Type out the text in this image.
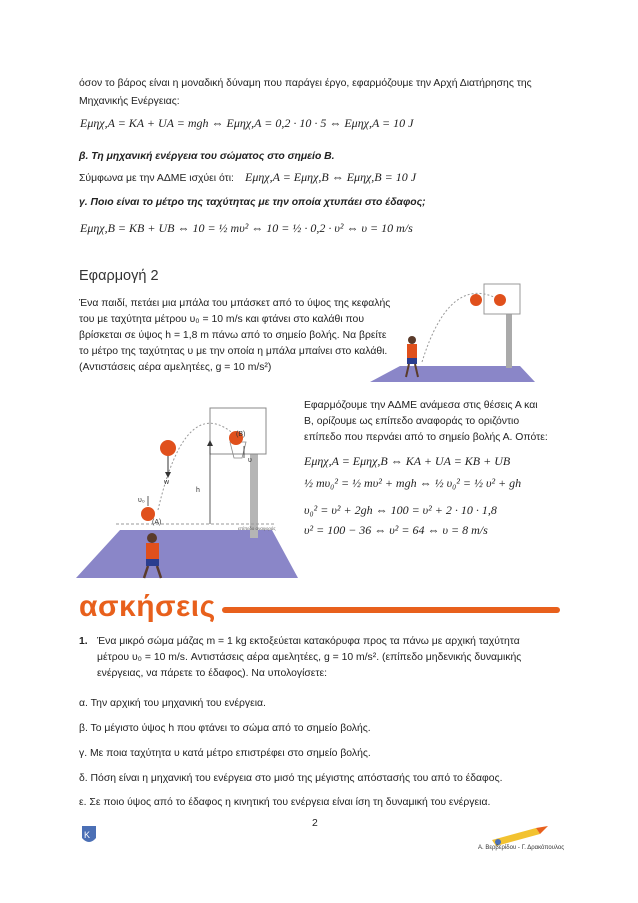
όσον το βάρος είναι η μοναδική δύναμη που παράγει έργο, εφαρμόζουμε την Αρχή Διατήρησης της
Μηχανικής Ενέργειας:
Eμηχ,Α = KA + UA = mgh ⇔ Eμηχ,Α = 0,2 · 10 · 5 ⇔ Eμηχ,Α = 10 J
β. Τη μηχανική ενέργεια του σώματος στο σημείο Β.
Σύμφωνα με την ΑΔΜΕ ισχύει ότι: Eμηχ,Α = Eμηχ,Β ⇔ Eμηχ,Β = 10 J
γ. Ποιο είναι το μέτρο της ταχύτητας με την οποία χτυπάει στο έδαφος;
Eμηχ,Β = KB + UB ⇔ 10 = ½ mυ² ⇔ 10 = ½ · 0,2 · υ² ⇔ υ = 10 m/s
Εφαρμογή 2
Ένα παιδί, πετάει μια μπάλα του μπάσκετ από το ύψος της κεφαλής
του με ταχύτητα μέτρου υ₀ = 10 m/s και φτάνει στο καλάθι που
βρίσκεται σε ύψος h = 1,8 m πάνω από το σημείο βολής. Να βρείτε
το μέτρο της ταχύτητας υ με την οποία η μπάλα μπαίνει στο καλάθι.
(Αντιστάσεις αέρα αμελητέες, g = 10 m/s²)
(B)
(A)
υ
w
h
υ₀
επίπεδο αναφοράς
Εφαρμόζουμε την ΑΔΜΕ ανάμεσα στις θέσεις Α και
Β, ορίζουμε ως επίπεδο αναφοράς το οριζόντιο
επίπεδο που περνάει από το σημείο βολής Α. Οπότε:
Eμηχ,Α = Eμηχ,Β ⇔ KA + UA = KB + UB
½ mυ₀² = ½ mυ² + mgh ⇔ ½ υ₀² = ½ υ² + gh
υ₀² = υ² + 2gh ⇔ 100 = υ² + 2 · 10 · 1,8
υ² = 100 − 36 ⇔ υ² = 64 ⇔ υ = 8 m/s
ασκήσεις
1. Ένα μικρό σώμα μάζας m = 1 kg εκτοξεύεται κατακόρυφα προς τα πάνω με αρχική ταχύτητα
μέτρου υ₀ = 10 m/s. Αντιστάσεις αέρα αμελητέες, g = 10 m/s². (επίπεδο μηδενικής δυναμικής
ενέργειας, να πάρετε το έδαφος). Να υπολογίσετε:
α. Την αρχική του μηχανική του ενέργεια.
β. Το μέγιστο ύψος h που φτάνει το σώμα από το σημείο βολής.
γ. Με ποια ταχύτητα υ κατά μέτρο επιστρέφει στο σημείο βολής.
δ. Πόση είναι η μηχανική του ενέργεια στο μισό της μέγιστης απόστασής του από το έδαφος.
ε. Σε ποιο ύψος από το έδαφος η κινητική του ενέργεια είναι ίση τη δυναμική του ενέργεια.
2
Κ
Α. Βερβερίδου - Γ. Δρακόπουλος
